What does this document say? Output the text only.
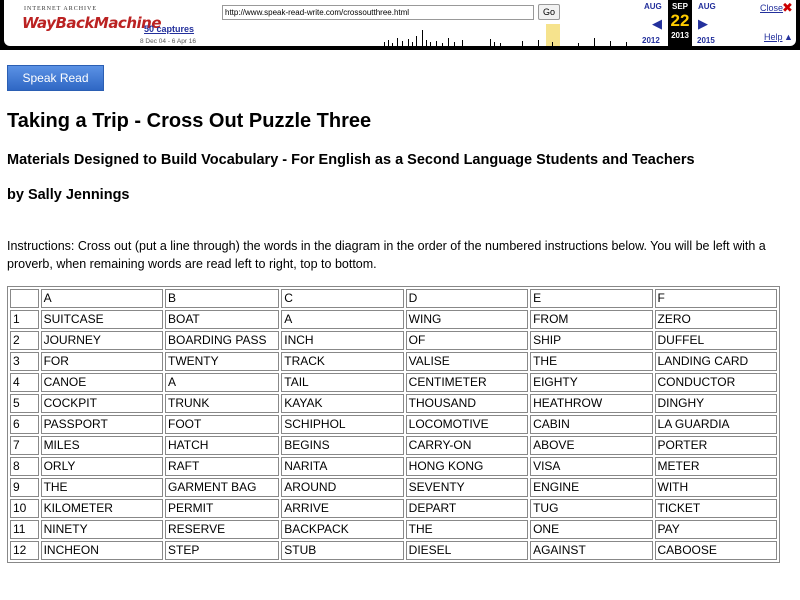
INTERNET ARCHIVE
WayBackMachine
50 captures
8 Dec 04 - 6 Apr 16
http://www.speak-read-write.com/crossoutthree.html
Go
AUG
◀
2012
SEP
22
2013
AUG
▶
2015
Close
✖
Help ▲
Speak Read Write
Taking a Trip - Cross Out Puzzle Three
Materials Designed to Build Vocabulary - For English as a Second Language Students and Teachers
by Sally Jennings

Instructions: Cross out (put a line through) the words in the diagram in the order of the numbered instructions below. You will be left with a proverb, when remaining words are read left to right, top to bottom.

	A	B	C	D	E	F
1	SUITCASE	BOAT	A	WING	FROM	ZERO
2	JOURNEY	BOARDING PASS	INCH	OF	SHIP	DUFFEL
3	FOR	TWENTY	TRACK	VALISE	THE	LANDING CARD
4	CANOE	A	TAIL	CENTIMETER	EIGHTY	CONDUCTOR
5	COCKPIT	TRUNK	KAYAK	THOUSAND	HEATHROW	DINGHY
6	PASSPORT	FOOT	SCHIPHOL	LOCOMOTIVE	CABIN	LA GUARDIA
7	MILES	HATCH	BEGINS	CARRY-ON	ABOVE	PORTER
8	ORLY	RAFT	NARITA	HONG KONG	VISA	METER
9	THE	GARMENT BAG	AROUND	SEVENTY	ENGINE	WITH
10	KILOMETER	PERMIT	ARRIVE	DEPART	TUG	TICKET
11	NINETY	RESERVE	BACKPACK	THE	ONE	PAY
12	INCHEON	STEP	STUB	DIESEL	AGAINST	CABOOSE
